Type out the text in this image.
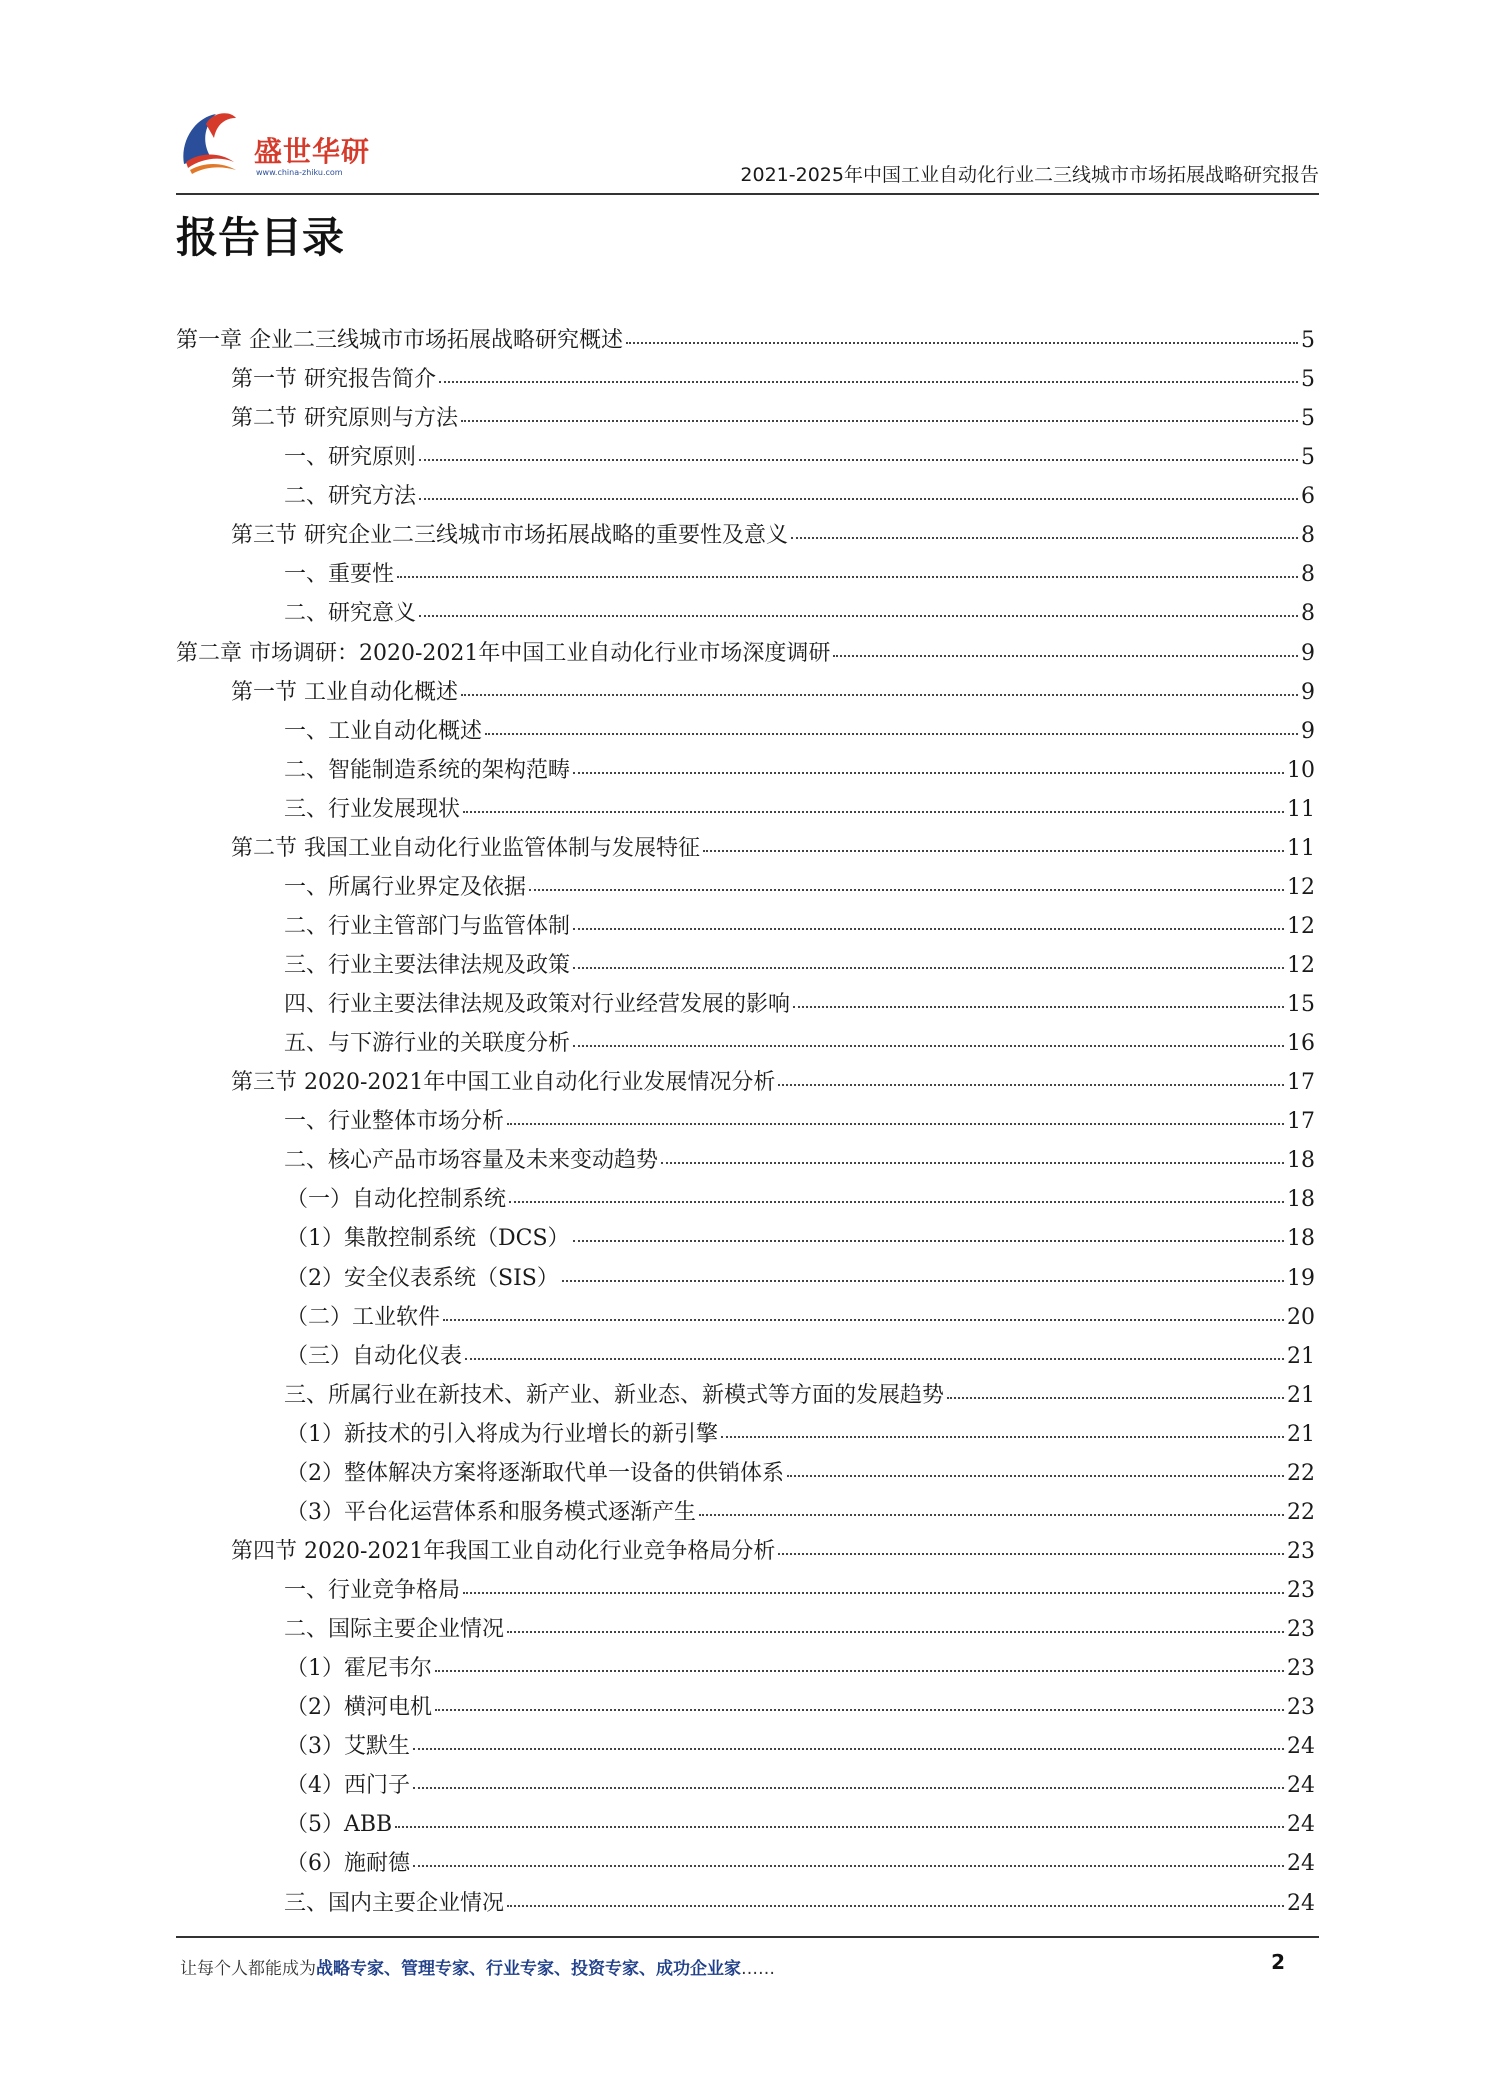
盛世华研
www.china-zhiku.com	2021-2025年中国工业自动化行业二三线城市市场拓展战略研究报告
报告目录
第一章 企业二三线城市市场拓展战略研究概述	5
第一节 研究报告简介	5
第二节 研究原则与方法	5
一、研究原则	5
二、研究方法	6
第三节 研究企业二三线城市市场拓展战略的重要性及意义	8
一、重要性	8
二、研究意义	8
第二章 市场调研：2020-2021年中国工业自动化行业市场深度调研	9
第一节 工业自动化概述	9
一、工业自动化概述	9
二、智能制造系统的架构范畴	10
三、行业发展现状	11
第二节 我国工业自动化行业监管体制与发展特征	11
一、所属行业界定及依据	12
二、行业主管部门与监管体制	12
三、行业主要法律法规及政策	12
四、行业主要法律法规及政策对行业经营发展的影响	15
五、与下游行业的关联度分析	16
第三节 2020-2021年中国工业自动化行业发展情况分析	17
一、行业整体市场分析	17
二、核心产品市场容量及未来变动趋势	18
（一）自动化控制系统	18
（1）集散控制系统（DCS）	18
（2）安全仪表系统（SIS）	19
（二）工业软件	20
（三）自动化仪表	21
三、所属行业在新技术、新产业、新业态、新模式等方面的发展趋势	21
（1）新技术的引入将成为行业增长的新引擎	21
（2）整体解决方案将逐渐取代单一设备的供销体系	22
（3）平台化运营体系和服务模式逐渐产生	22
第四节 2020-2021年我国工业自动化行业竞争格局分析	23
一、行业竞争格局	23
二、国际主要企业情况	23
（1）霍尼韦尔	23
（2）横河电机	23
（3）艾默生	24
（4）西门子	24
（5）ABB	24
（6）施耐德	24
三、国内主要企业情况	24
让每个人都能成为战略专家、管理专家、行业专家、投资专家、成功企业家……	2
